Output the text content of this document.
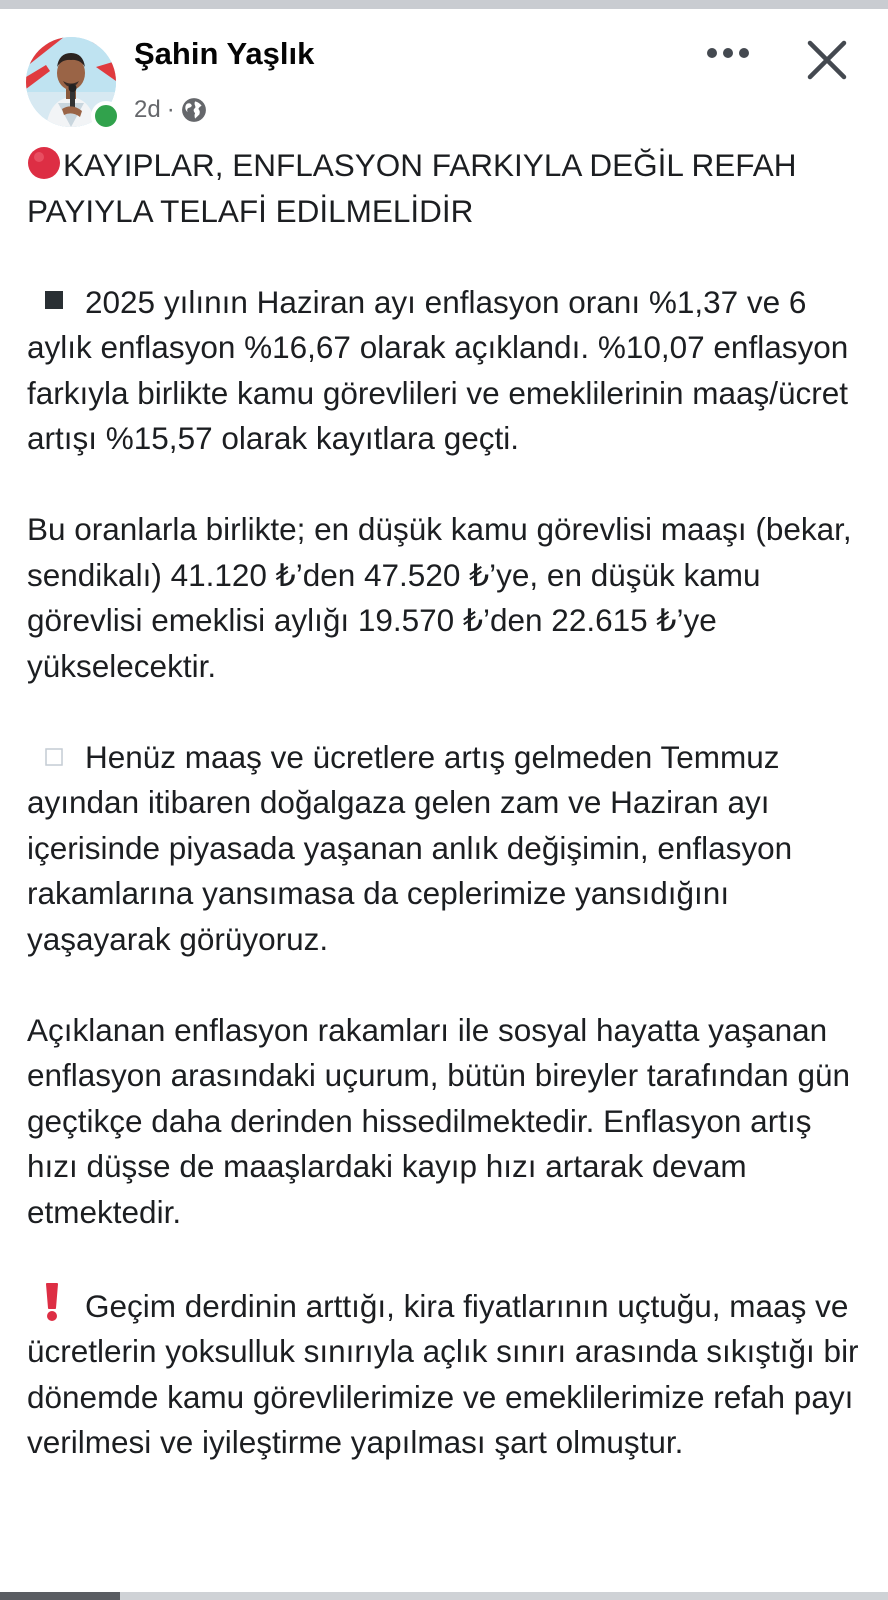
Şahin Yaşlık
2d ·

KAYIPLAR, ENFLASYON FARKIYLA DEĞİL REFAH PAYIYLA TELAFİ EDİLMELİDİR

2025 yılının Haziran ayı enflasyon oranı %1,37 ve 6 aylık enflasyon %16,67 olarak açıklandı. %10,07 enflasyon farkıyla birlikte kamu görevlileri ve emeklilerinin maaş/ücret artışı %15,57 olarak kayıtlara geçti.

Bu oranlarla birlikte; en düşük kamu görevlisi maaşı (bekar, sendikalı) 41.120 ₺’den 47.520 ₺’ye, en düşük kamu görevlisi emeklisi aylığı 19.570 ₺’den 22.615 ₺’ye yükselecektir.

Henüz maaş ve ücretlere artış gelmeden Temmuz ayından itibaren doğalgaza gelen zam ve Haziran ayı içerisinde piyasada yaşanan anlık değişimin, enflasyon rakamlarına yansımasa da ceplerimize yansıdığını yaşayarak görüyoruz.

Açıklanan enflasyon rakamları ile sosyal hayatta yaşanan enflasyon arasındaki uçurum, bütün bireyler tarafından gün geçtikçe daha derinden hissedilmektedir. Enflasyon artış hızı düşse de maaşlardaki kayıp hızı artarak devam etmektedir.

Geçim derdinin arttığı, kira fiyatlarının uçtuğu, maaş ve ücretlerin yoksulluk sınırıyla açlık sınırı arasında sıkıştığı bir dönemde kamu görevlilerimize ve emeklilerimize refah payı verilmesi ve iyileştirme yapılması şart olmuştur.
